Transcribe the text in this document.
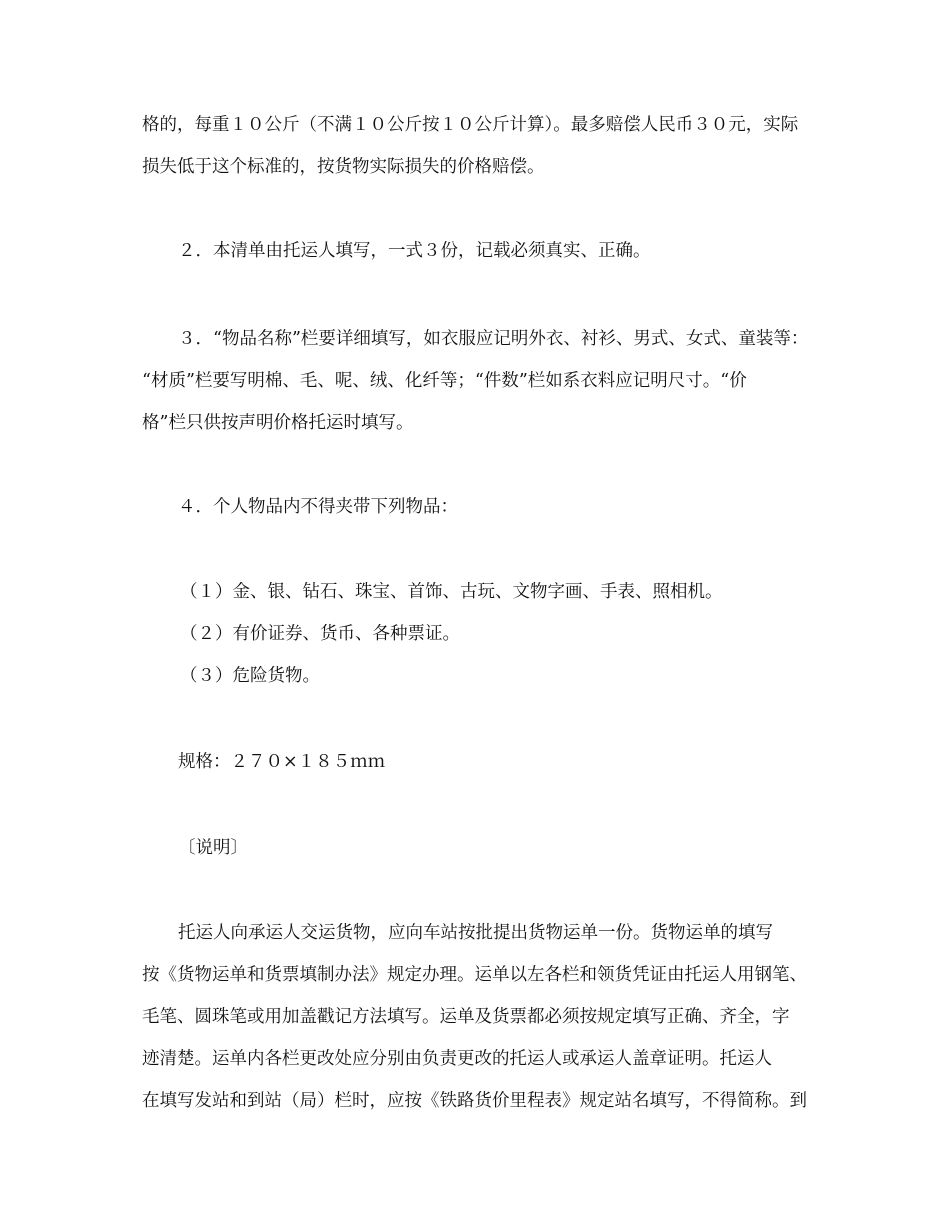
格的，每重１０公斤（不满１０公斤按１０公斤计算）。最多赔偿人民币３０元，实际
损失低于这个标准的，按货物实际损失的价格赔偿。
２．本清单由托运人填写，一式３份，记载必须真实、正确。
３．“物品名称”栏要详细填写，如衣服应记明外衣、衬衫、男式、女式、童装等：
“材质”栏要写明棉、毛、呢、绒、化纤等；“件数”栏如系衣料应记明尺寸。“价
格”栏只供按声明价格托运时填写。
４．个人物品内不得夹带下列物品：
（１）金、银、钻石、珠宝、首饰、古玩、文物字画、手表、照相机。
（２）有价证券、货币、各种票证。
（３）危险货物。
规格：２７０×１８５ｍｍ
〔说明〕
托运人向承运人交运货物，应向车站按批提出货物运单一份。货物运单的填写
按《货物运单和货票填制办法》规定办理。运单以左各栏和领货凭证由托运人用钢笔、
毛笔、圆珠笔或用加盖戳记方法填写。运单及货票都必须按规定填写正确、齐全，字
迹清楚。运单内各栏更改处应分别由负责更改的托运人或承运人盖章证明。托运人
在填写发站和到站（局）栏时，应按《铁路货价里程表》规定站名填写，不得简称。到
